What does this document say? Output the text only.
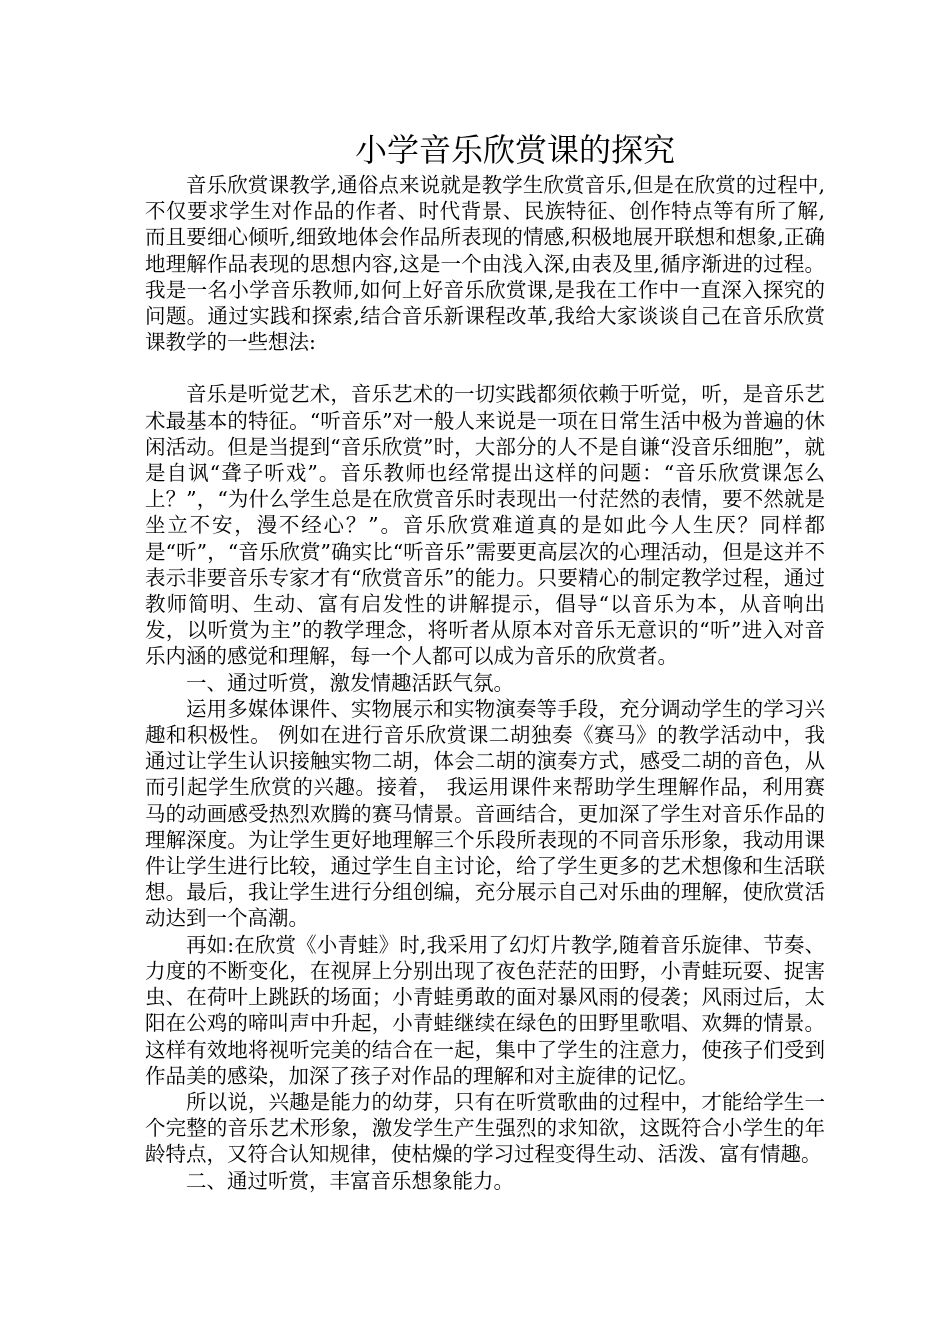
小学音乐欣赏课的探究

音乐欣赏课教学,通俗点来说就是教学生欣赏音乐,但是在欣赏的过程中,不仅要求学生对作品的作者、时代背景、民族特征、创作特点等有所了解,而且要细心倾听,细致地体会作品所表现的情感,积极地展开联想和想象,正确地理解作品表现的思想内容,这是一个由浅入深,由表及里,循序渐进的过程。我是一名小学音乐教师,如何上好音乐欣赏课,是我在工作中一直深入探究的问题。通过实践和探索,结合音乐新课程改革,我给大家谈谈自己在音乐欣赏课教学的一些想法:

音乐是听觉艺术，音乐艺术的一切实践都须依赖于听觉，听，是音乐艺术最基本的特征。“听音乐”对一般人来说是一项在日常生活中极为普遍的休闲活动。但是当提到“音乐欣赏”时，大部分的人不是自谦“没音乐细胞”，就是自讽“聋子听戏”。音乐教师也经常提出这样的问题：“音乐欣赏课怎么上？”，“为什么学生总是在欣赏音乐时表现出一付茫然的表情，要不然就是坐立不安，漫不经心？”。音乐欣赏难道真的是如此今人生厌？同样都是“听”，“音乐欣赏”确实比“听音乐”需要更高层次的心理活动，但是这并不表示非要音乐专家才有“欣赏音乐”的能力。只要精心的制定教学过程，通过教师简明、生动、富有启发性的讲解提示，倡导“以音乐为本，从音响出发，以听赏为主”的教学理念，将听者从原本对音乐无意识的“听”进入对音乐内涵的感觉和理解，每一个人都可以成为音乐的欣赏者。

一、通过听赏，激发情趣活跃气氛。

运用多媒体课件、实物展示和实物演奏等手段，充分调动学生的学习兴趣和积极性。 例如在进行音乐欣赏课二胡独奏《赛马》的教学活动中，我通过让学生认识接触实物二胡，体会二胡的演奏方式，感受二胡的音色，从而引起学生欣赏的兴趣。接着， 我运用课件来帮助学生理解作品，利用赛马的动画感受热烈欢腾的赛马情景。音画结合，更加深了学生对音乐作品的理解深度。为让学生更好地理解三个乐段所表现的不同音乐形象，我动用课件让学生进行比较，通过学生自主讨论，给了学生更多的艺术想像和生活联想。最后，我让学生进行分组创编，充分展示自己对乐曲的理解，使欣赏活动达到一个高潮。

再如:在欣赏《小青蛙》时,我采用了幻灯片教学,随着音乐旋律、节奏、力度的不断变化，在视屏上分别出现了夜色茫茫的田野，小青蛙玩耍、捉害虫、在荷叶上跳跃的场面；小青蛙勇敢的面对暴风雨的侵袭；风雨过后，太阳在公鸡的啼叫声中升起，小青蛙继续在绿色的田野里歌唱、欢舞的情景。这样有效地将视听完美的结合在一起，集中了学生的注意力，使孩子们受到作品美的感染，加深了孩子对作品的理解和对主旋律的记忆。

所以说，兴趣是能力的幼芽，只有在听赏歌曲的过程中，才能给学生一个完整的音乐艺术形象，激发学生产生强烈的求知欲，这既符合小学生的年龄特点，又符合认知规律，使枯燥的学习过程变得生动、活泼、富有情趣。

二、通过听赏，丰富音乐想象能力。
